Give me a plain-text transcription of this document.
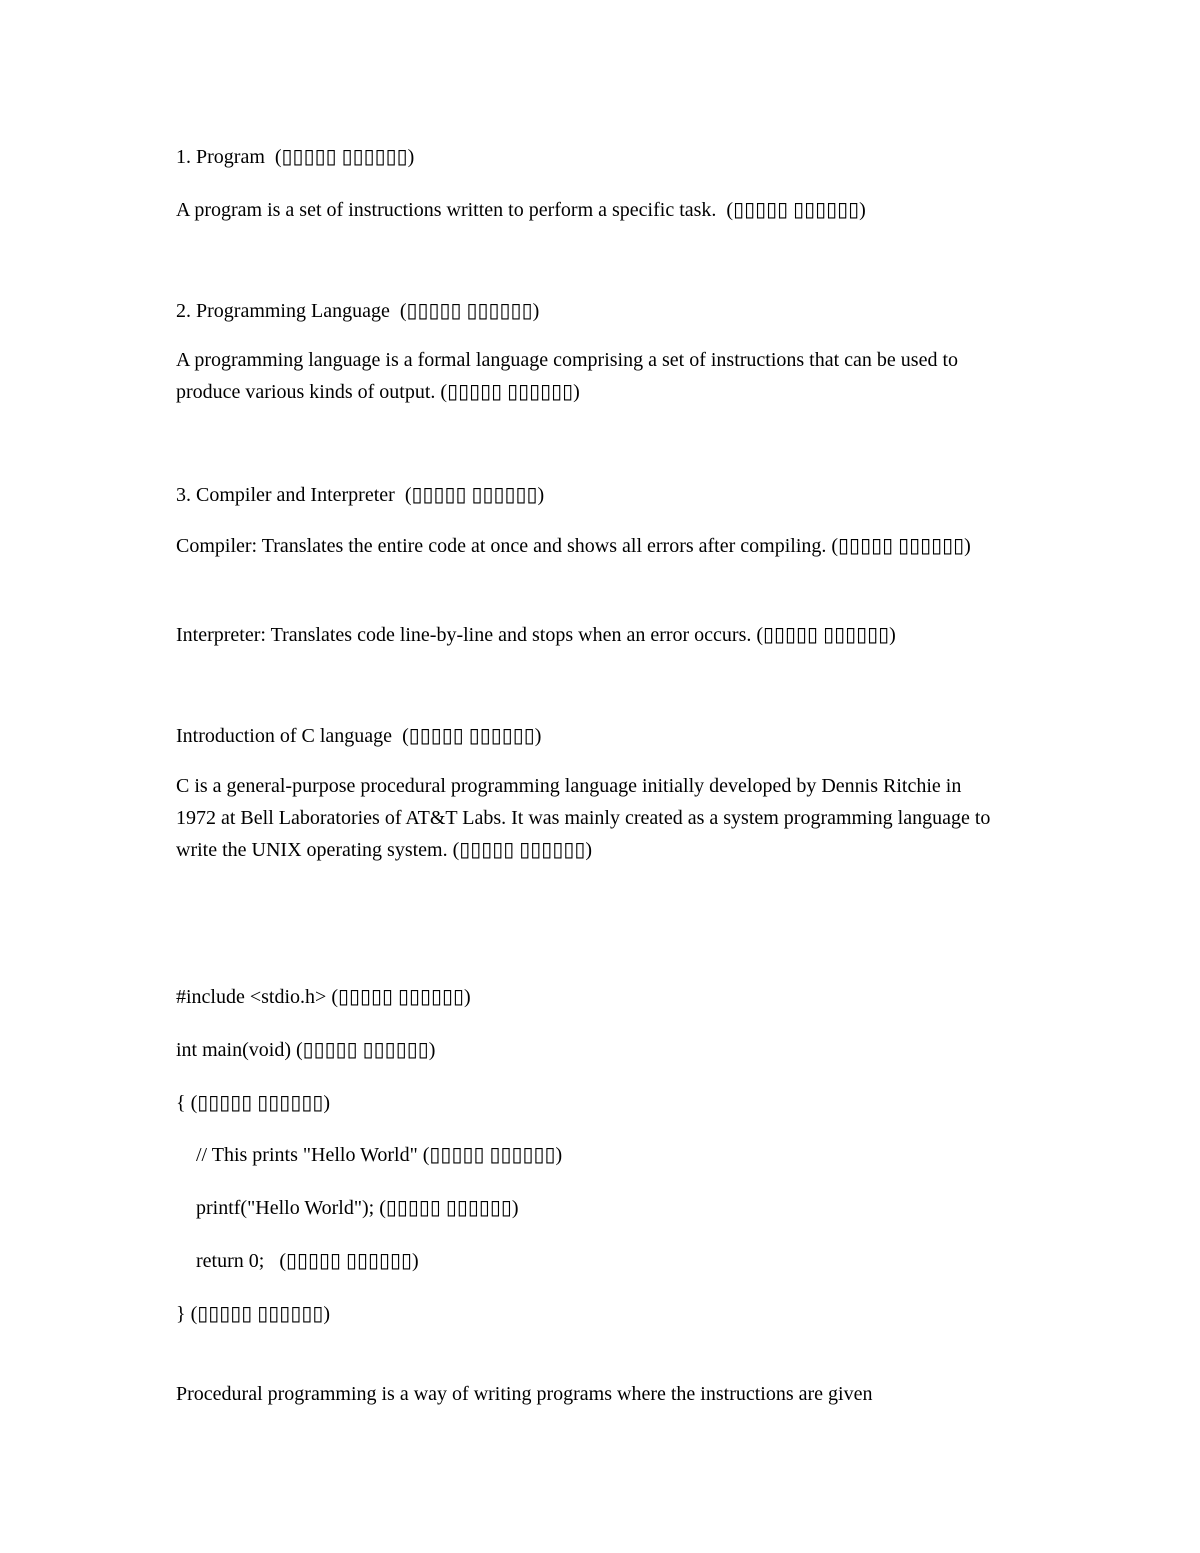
1. Program (▯▯▯▯▯ ▯▯▯▯▯▯)

A program is a set of instructions written to perform a specific task. (▯▯▯▯▯ ▯▯▯▯▯▯)

2. Programming Language (▯▯▯▯▯ ▯▯▯▯▯▯)

A programming language is a formal language comprising a set of instructions that can be used to produce various kinds of output. (▯▯▯▯▯ ▯▯▯▯▯▯)

3. Compiler and Interpreter (▯▯▯▯▯ ▯▯▯▯▯▯)

Compiler: Translates the entire code at once and shows all errors after compiling. (▯▯▯▯▯ ▯▯▯▯▯▯)

Interpreter: Translates code line-by-line and stops when an error occurs. (▯▯▯▯▯ ▯▯▯▯▯▯)

Introduction of C language (▯▯▯▯▯ ▯▯▯▯▯▯)

C is a general-purpose procedural programming language initially developed by Dennis Ritchie in 1972 at Bell Laboratories of AT&T Labs. It was mainly created as a system programming language to write the UNIX operating system. (▯▯▯▯▯ ▯▯▯▯▯▯)

#include <stdio.h> (▯▯▯▯▯ ▯▯▯▯▯▯)

int main(void) (▯▯▯▯▯ ▯▯▯▯▯▯)

{ (▯▯▯▯▯ ▯▯▯▯▯▯)

// This prints "Hello World" (▯▯▯▯▯ ▯▯▯▯▯▯)

printf("Hello World"); (▯▯▯▯▯ ▯▯▯▯▯▯)

return 0; (▯▯▯▯▯ ▯▯▯▯▯▯)

} (▯▯▯▯▯ ▯▯▯▯▯▯)

Procedural programming is a way of writing programs where the instructions are given
